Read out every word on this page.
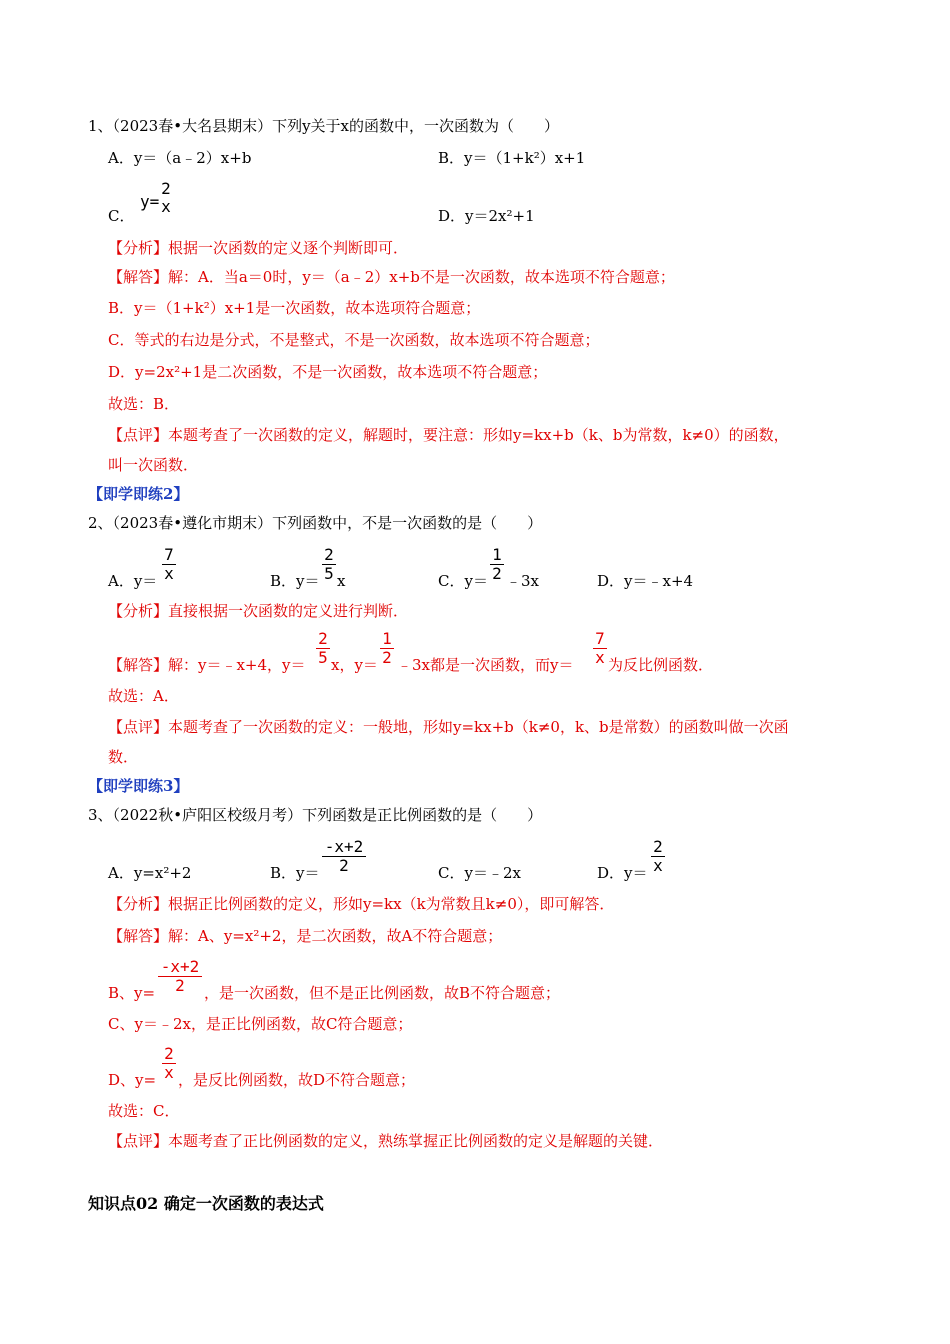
1、（2023春•大名县期末）下列y关于x的函数中，一次函数为（　　）
A．y＝（a﹣2）x+b	B．y＝（1+k²）x+1
C．
y=
2
x	D．y＝2x²+1
【分析】根据一次函数的定义逐个判断即可．
【解答】解：A．当a＝0时，y＝（a﹣2）x+b不是一次函数，故本选项不符合题意；
B．y＝（1+k²）x+1是一次函数，故本选项符合题意；
C．等式的右边是分式，不是整式，不是一次函数，故本选项不符合题意；
D．y=2x²+1是二次函数，不是一次函数，故本选项不符合题意；
故选：B．
【点评】本题考查了一次函数的定义，解题时，要注意：形如y=kx+b（k、b为常数，k≠0）的函数，
叫一次函数．
【即学即练2】
2、（2023春•遵化市期末）下列函数中，不是一次函数的是（　　）
A．$y= \frac{7}{x}$	B．$y= \frac{2}{5}$ x	C．$y= \frac{1}{2}$ ﹣3x	D．y＝﹣x+4
【分析】直接根据一次函数的定义进行判断．
【解答】解：y＝﹣x+4，$y= \frac{2}{5}$ x，$y= \frac{1}{2}$ ﹣3x都是一次函数，而$y= \frac{7}{x}$ 为反比例函数．
故选：A．
【点评】本题考查了一次函数的定义：一般地，形如y=kx+b（k≠0，k、b是常数）的函数叫做一次函
数．
【即学即练3】
3、（2022秋•庐阳区校级月考）下列函数是正比例函数的是（　　）
A．y=x²+2	B．$y= \frac{-x+2}{2}$	C．y＝﹣2x	D．$y= \frac{2}{x}$
【分析】根据正比例函数的定义，形如y=kx（k为常数且k≠0），即可解答．
【解答】解：A、y=x²+2，是二次函数，故A不符合题意；
B、$y= \frac{-x+2}{2}$ ，是一次函数，但不是正比例函数，故B不符合题意；
C、y＝﹣2x，是正比例函数，故C符合题意；
D、$y= \frac{2}{x}$ ，是反比例函数，故D不符合题意；
故选：C．
【点评】本题考查了正比例函数的定义，熟练掌握正比例函数的定义是解题的关键．
知识点02 确定一次函数的表达式
